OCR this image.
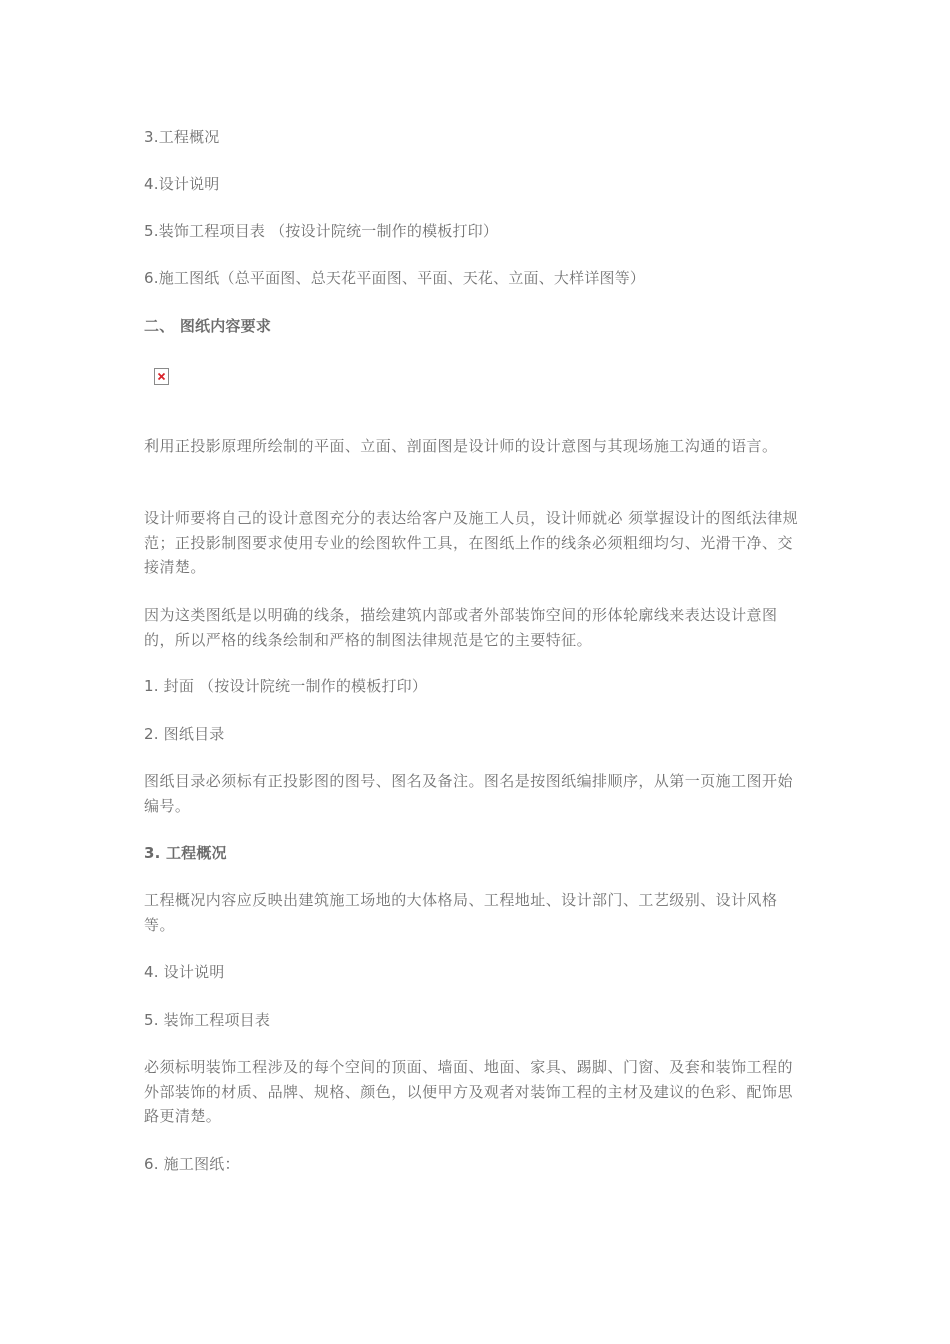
3.工程概况
4.设计说明
5.装饰工程项目表 （按设计院统一制作的模板打印）
6.施工图纸（总平面图、总天花平面图、平面、天花、立面、大样详图等）
二、 图纸内容要求
利用正投影原理所绘制的平面、立面、剖面图是设计师的设计意图与其现场施工沟通的语言。
设计师要将自己的设计意图充分的表达给客户及施工人员，设计师就必 须掌握设计的图纸法律规范；正投影制图要求使用专业的绘图软件工具，在图纸上作的线条必须粗细均匀、光滑干净、交接清楚。
因为这类图纸是以明确的线条，描绘建筑内部或者外部装饰空间的形体轮廓线来表达设计意图的，所以严格的线条绘制和严格的制图法律规范是它的主要特征。
1. 封面 （按设计院统一制作的模板打印）
2. 图纸目录
图纸目录必须标有正投影图的图号、图名及备注。图名是按图纸编排顺序，从第一页施工图开始编号。
3. 工程概况
工程概况内容应反映出建筑施工场地的大体格局、工程地址、设计部门、工艺级别、设计风格等。
4. 设计说明
5. 装饰工程项目表
必须标明装饰工程涉及的每个空间的顶面、墙面、地面、家具、踢脚、门窗、及套和装饰工程的外部装饰的材质、品牌、规格、颜色，以便甲方及观者对装饰工程的主材及建议的色彩、配饰思路更清楚。
6. 施工图纸：
